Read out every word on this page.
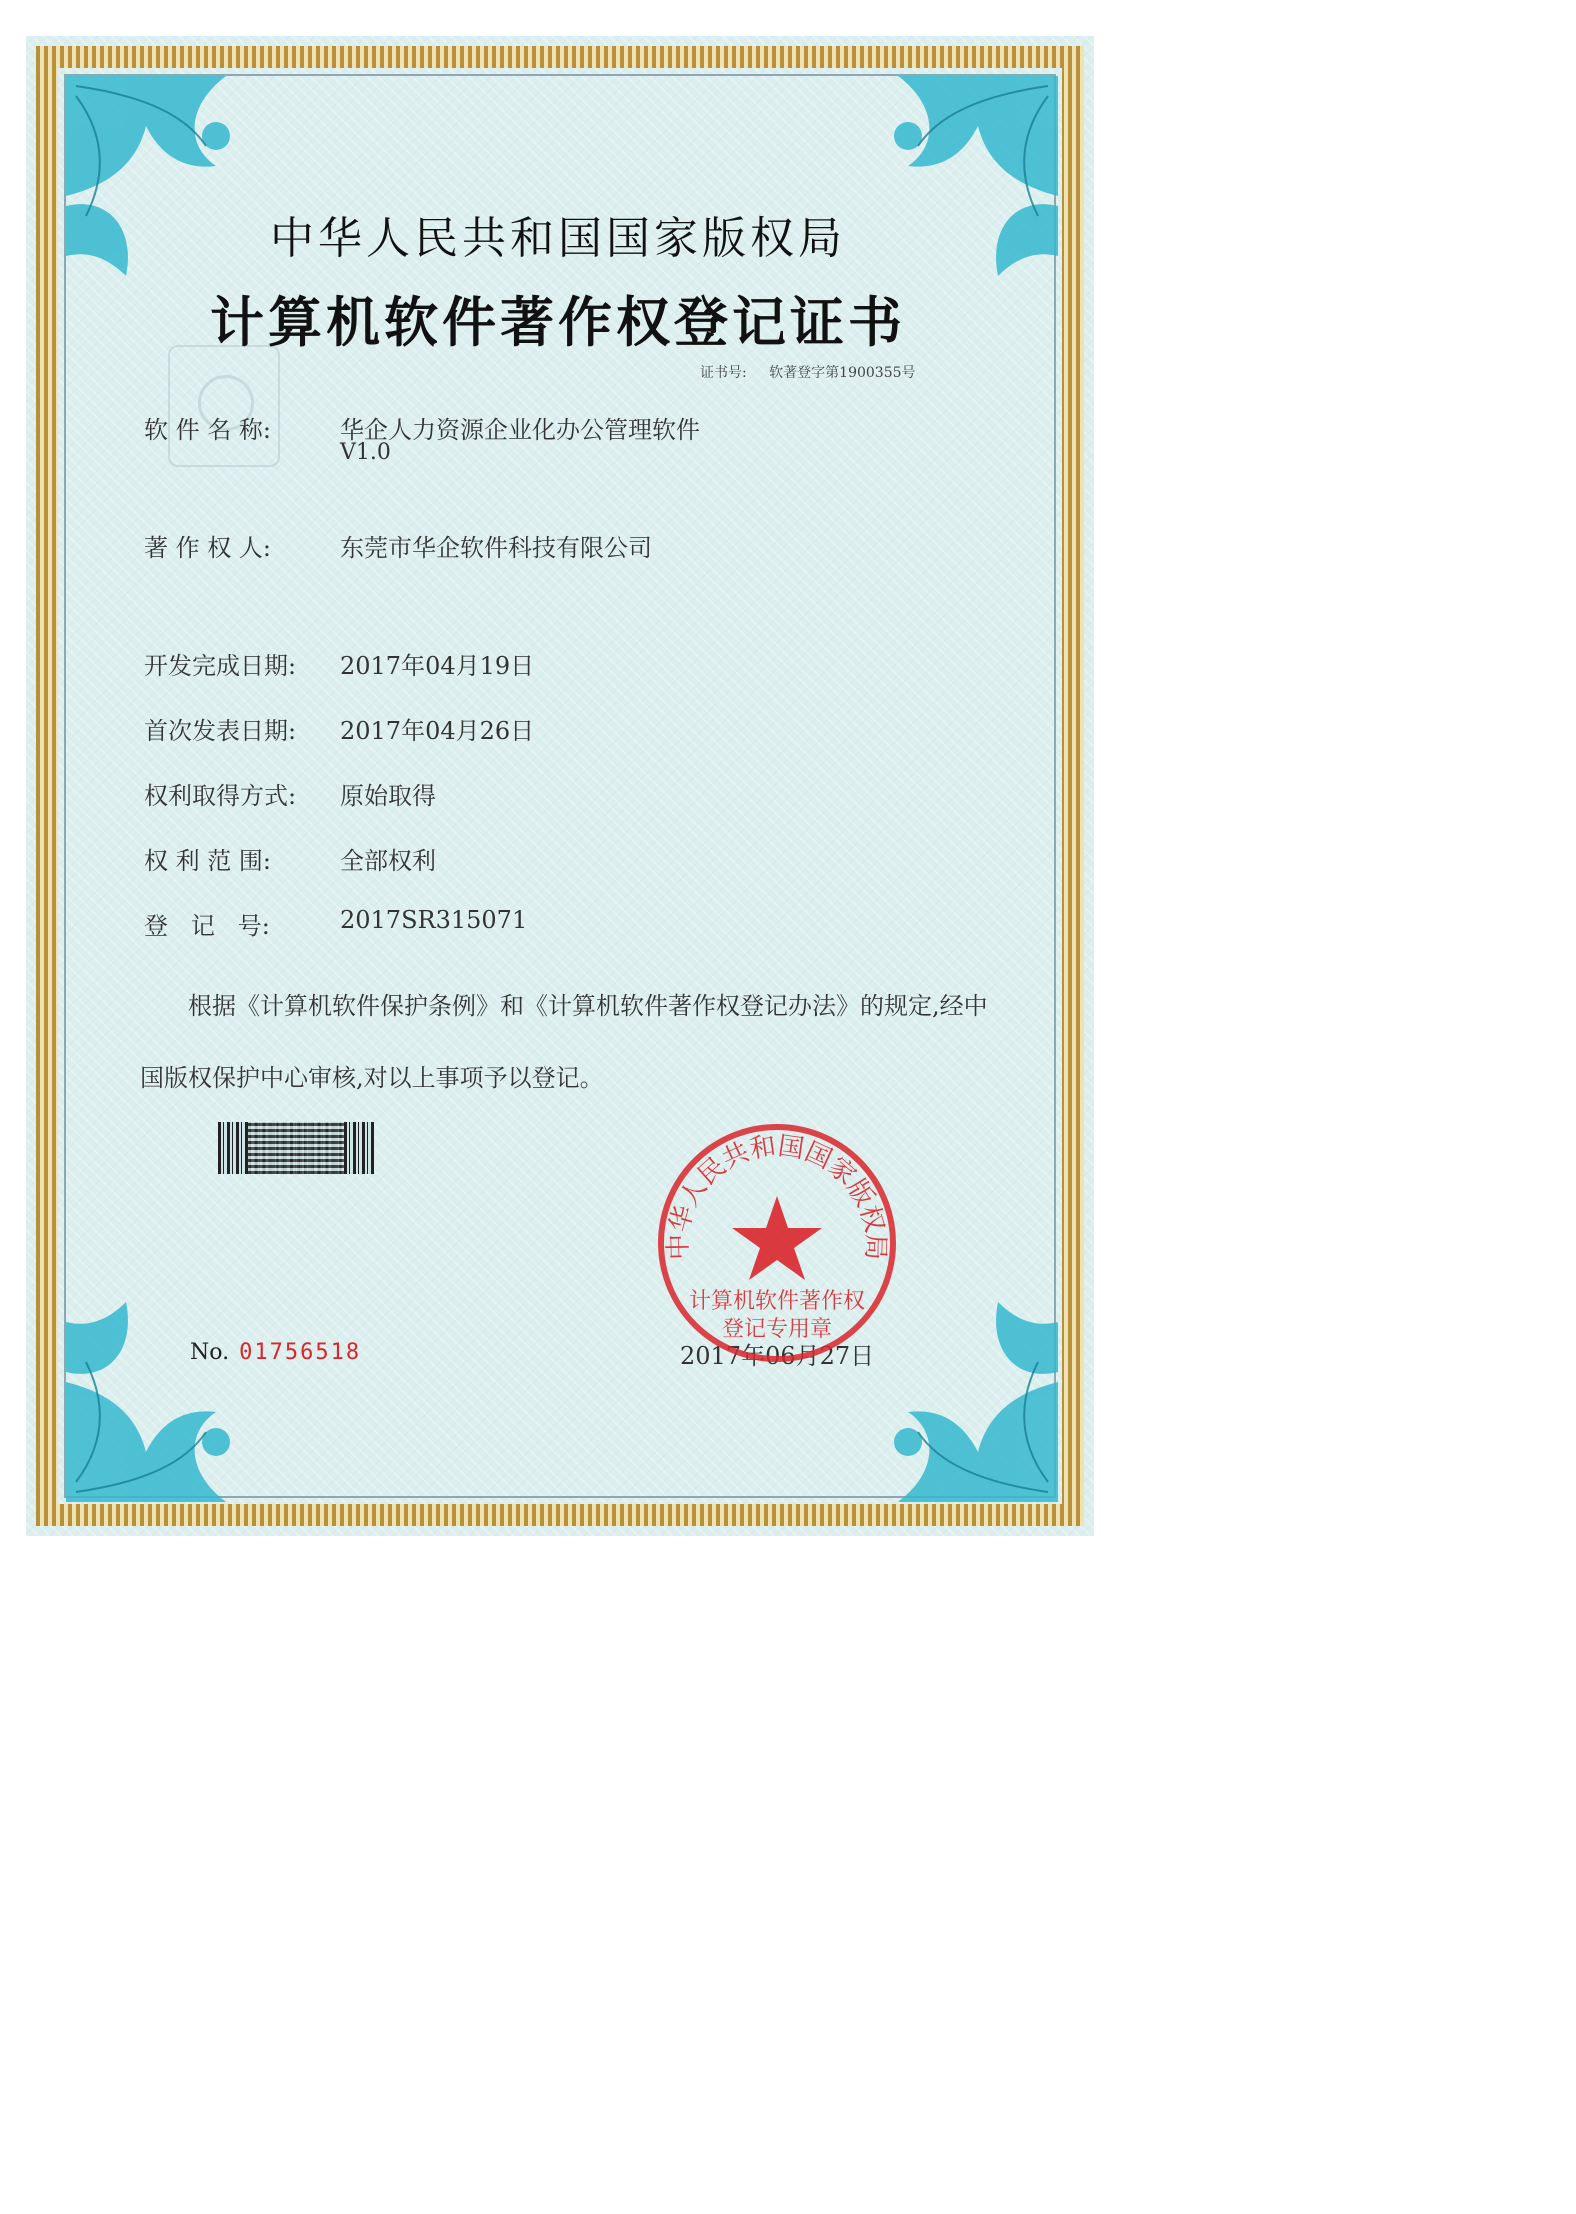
中华人民共和国国家版权局
计算机软件著作权登记证书
证书号: 软著登字第1900355号
软 件 名 称:	华企人力资源企业化办公管理软件
V1.0
著 作 权 人:	东莞市华企软件科技有限公司
开发完成日期: 2017年04月19日
首次发表日期: 2017年04月26日
权利取得方式: 原始取得
权 利 范 围:	全部权利
登   记   号:	2017SR315071
根据《计算机软件保护条例》和《计算机软件著作权登记办法》的规定,经中国版权保护中心审核,对以上事项予以登记。
No. 01756518	2017年06月27日
中华人民共和国国家版权局
计算机软件著作权
登记专用章
